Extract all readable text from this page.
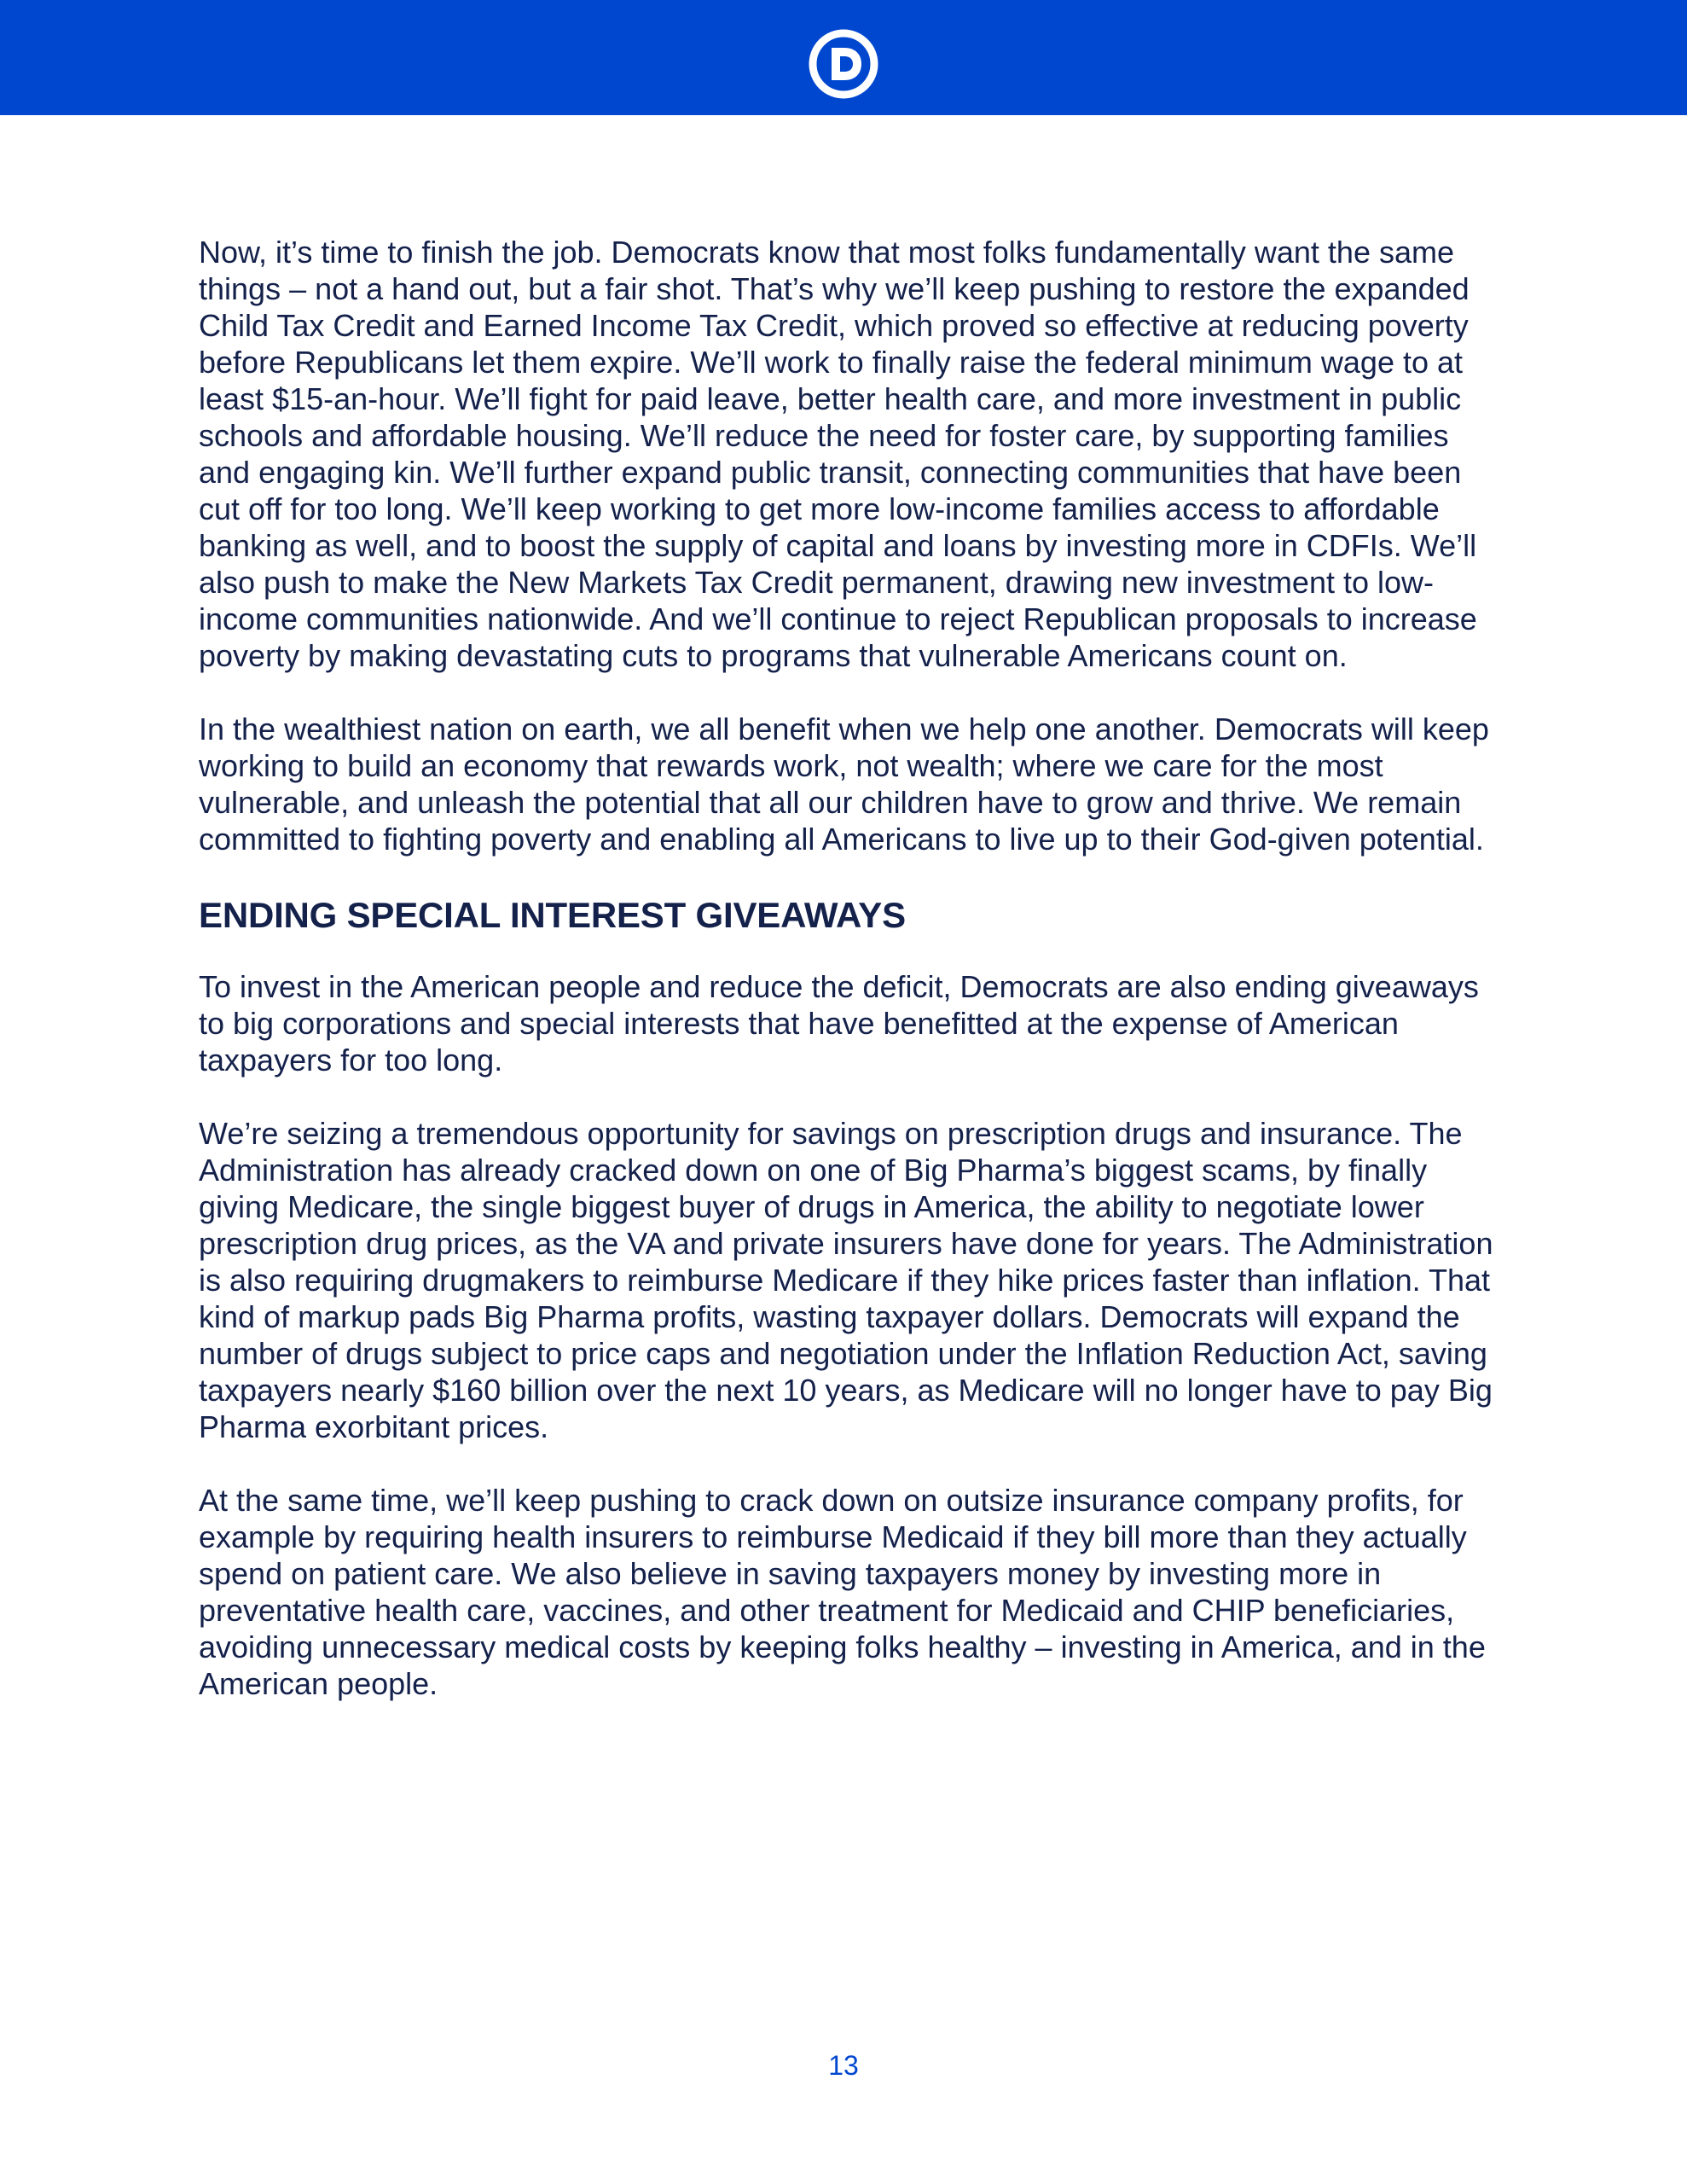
Now, it’s time to finish the job. Democrats know that most folks fundamentally want the same things – not a hand out, but a fair shot. That’s why we’ll keep pushing to restore the expanded Child Tax Credit and Earned Income Tax Credit, which proved so effective at reducing poverty before Republicans let them expire. We’ll work to finally raise the federal minimum wage to at least $15-an-hour. We’ll fight for paid leave, better health care, and more investment in public schools and affordable housing. We’ll reduce the need for foster care, by supporting families and engaging kin. We’ll further expand public transit, connecting communities that have been cut off for too long. We’ll keep working to get more low-income families access to affordable banking as well, and to boost the supply of capital and loans by investing more in CDFIs. We’ll also push to make the New Markets Tax Credit permanent, drawing new investment to low-income communities nationwide. And we’ll continue to reject Republican proposals to increase poverty by making devastating cuts to programs that vulnerable Americans count on.

In the wealthiest nation on earth, we all benefit when we help one another. Democrats will keep working to build an economy that rewards work, not wealth; where we care for the most vulnerable, and unleash the potential that all our children have to grow and thrive. We remain committed to fighting poverty and enabling all Americans to live up to their God-given potential.

ENDING SPECIAL INTEREST GIVEAWAYS

To invest in the American people and reduce the deficit, Democrats are also ending giveaways to big corporations and special interests that have benefitted at the expense of American taxpayers for too long.

We’re seizing a tremendous opportunity for savings on prescription drugs and insurance. The Administration has already cracked down on one of Big Pharma’s biggest scams, by finally giving Medicare, the single biggest buyer of drugs in America, the ability to negotiate lower prescription drug prices, as the VA and private insurers have done for years. The Administration is also requiring drugmakers to reimburse Medicare if they hike prices faster than inflation. That kind of markup pads Big Pharma profits, wasting taxpayer dollars. Democrats will expand the number of drugs subject to price caps and negotiation under the Inflation Reduction Act, saving taxpayers nearly $160 billion over the next 10 years, as Medicare will no longer have to pay Big Pharma exorbitant prices.

At the same time, we’ll keep pushing to crack down on outsize insurance company profits, for example by requiring health insurers to reimburse Medicaid if they bill more than they actually spend on patient care. We also believe in saving taxpayers money by investing more in preventative health care, vaccines, and other treatment for Medicaid and CHIP beneficiaries, avoiding unnecessary medical costs by keeping folks healthy – investing in America, and in the American people.

13
